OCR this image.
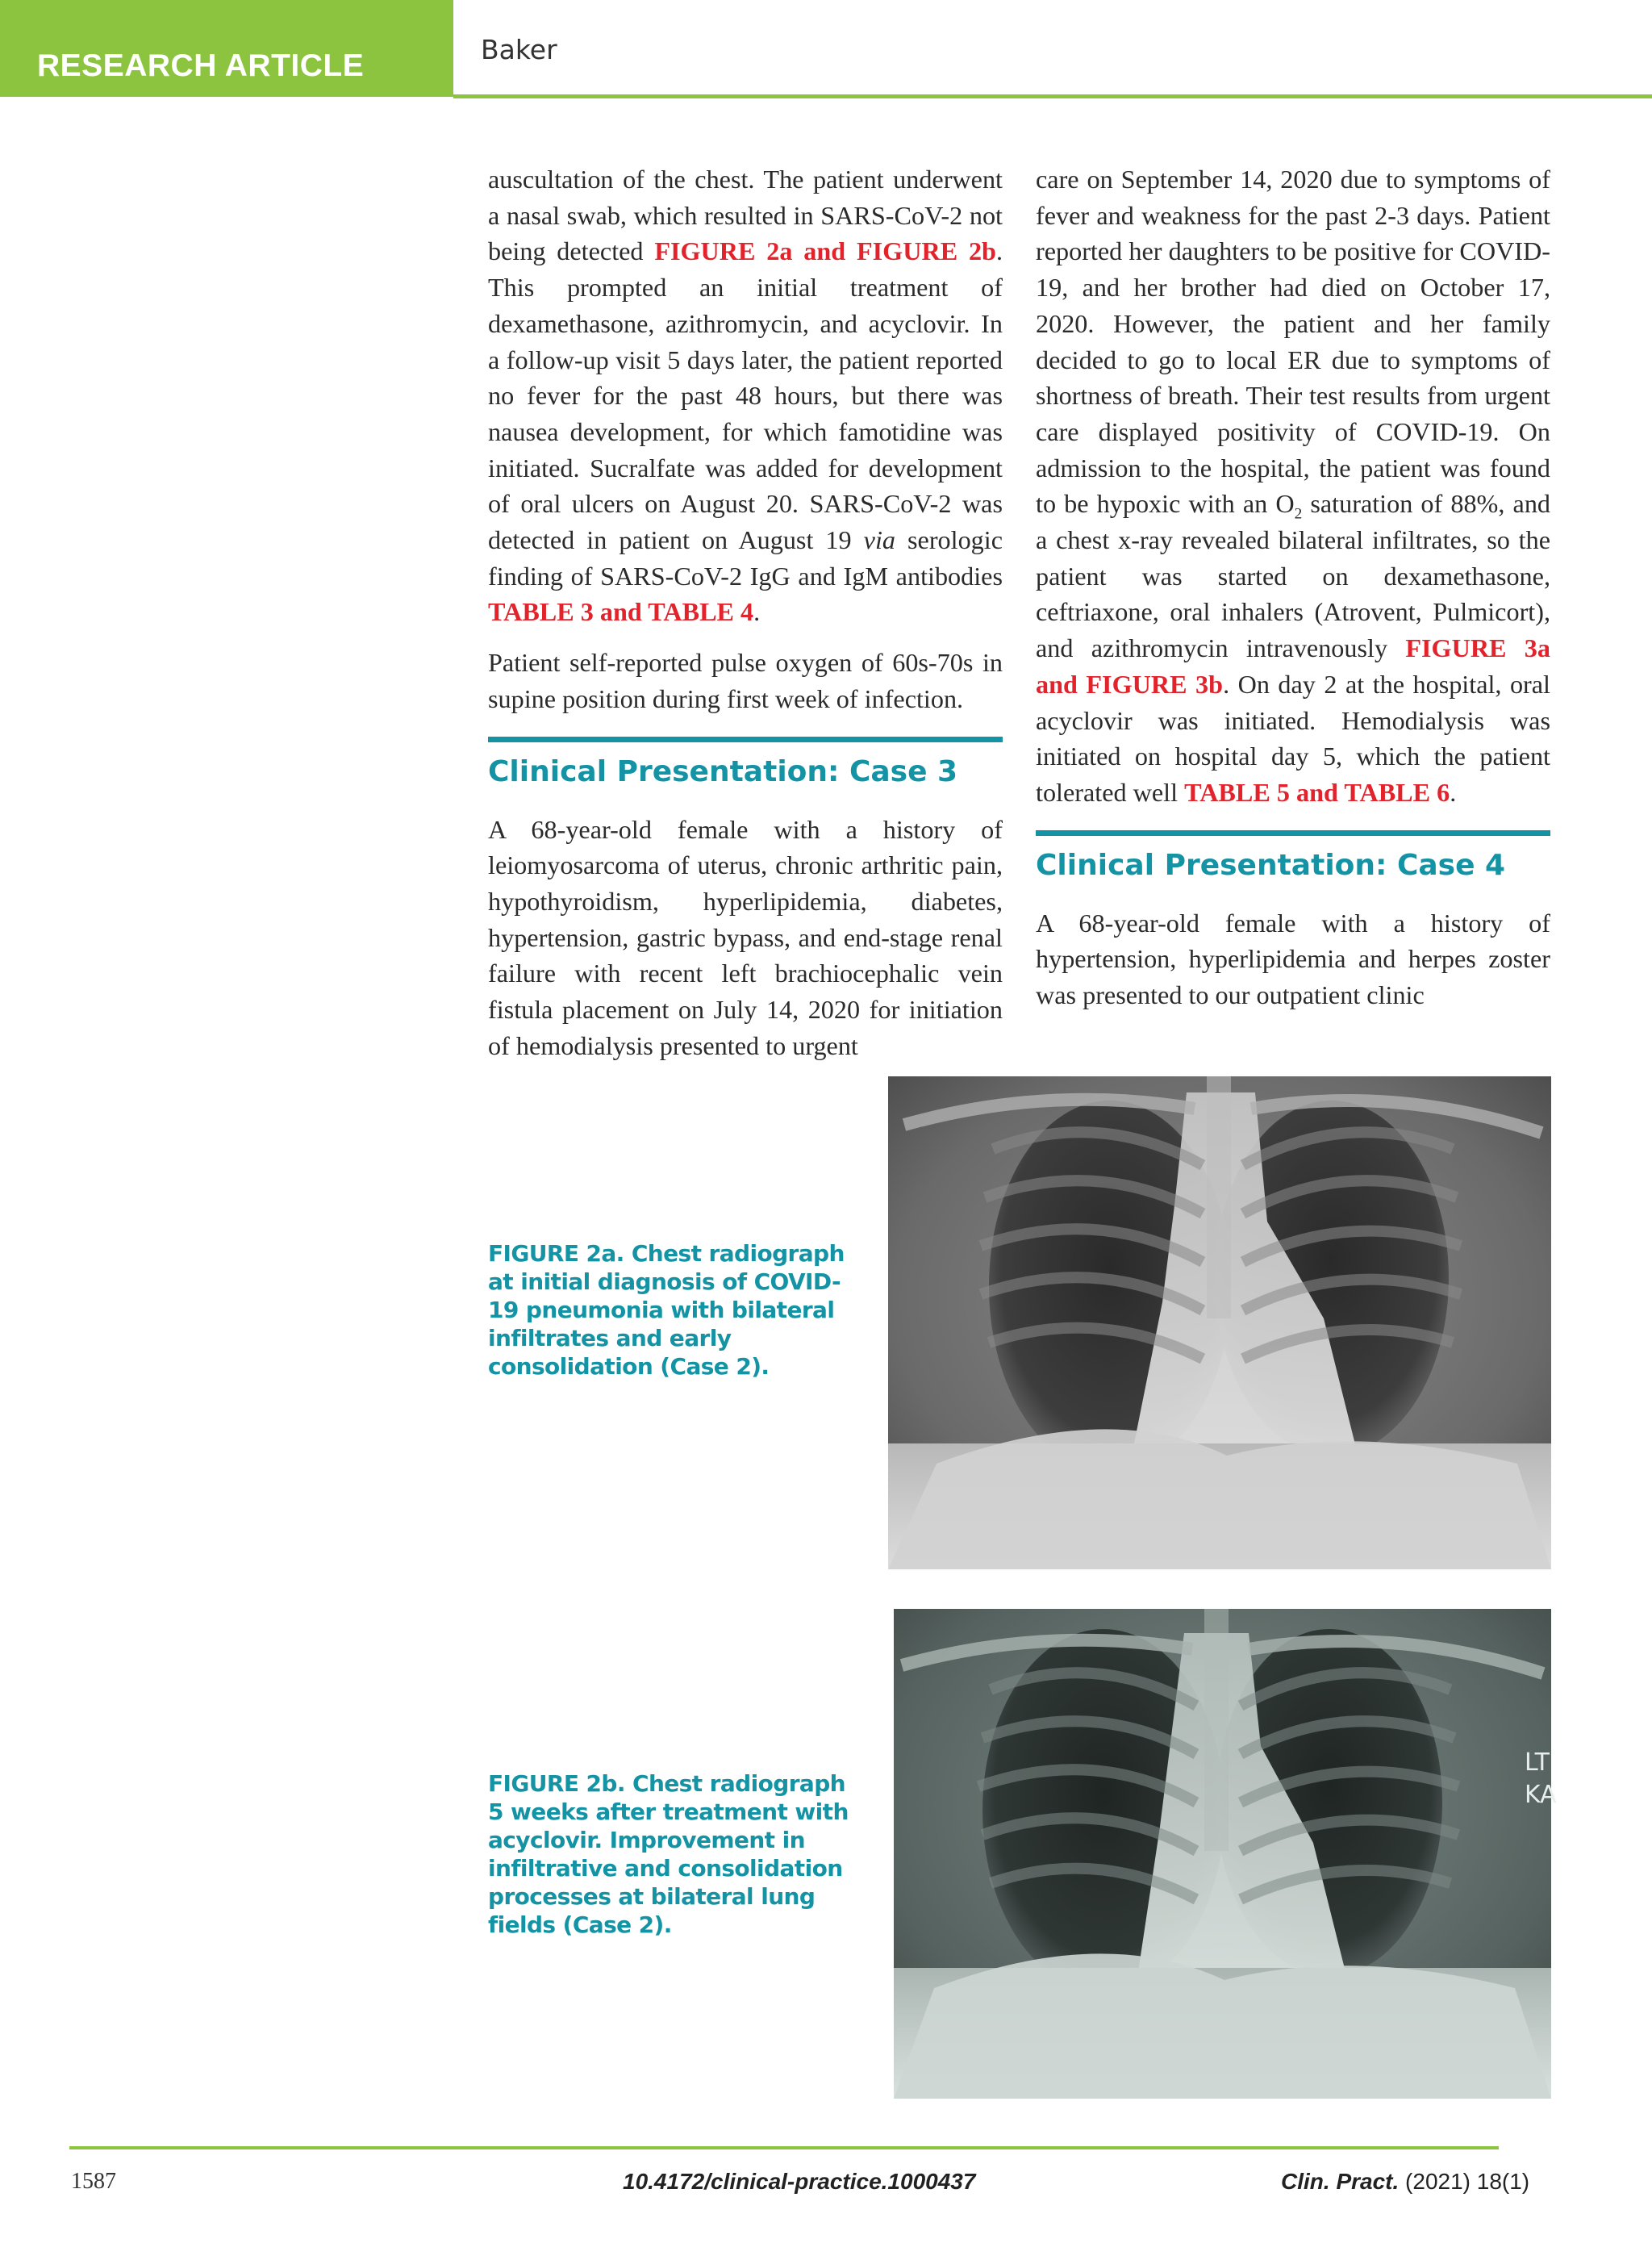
RESEARCH ARTICLE	Baker

auscultation of the chest. The patient underwent a nasal swab, which resulted in SARS-CoV-2 not being detected FIGURE 2a and FIGURE 2b. This prompted an initial treatment of dexamethasone, azithromycin, and acyclovir. In a follow-up visit 5 days later, the patient reported no fever for the past 48 hours, but there was nausea development, for which famotidine was initiated. Sucralfate was added for development of oral ulcers on August 20. SARS-CoV-2 was detected in patient on August 19 via serologic finding of SARS-CoV-2 IgG and IgM antibodies TABLE 3 and TABLE 4.

Patient self-reported pulse oxygen of 60s-70s in supine position during first week of infection.

Clinical Presentation: Case 3

A 68-year-old female with a history of leiomyosarcoma of uterus, chronic arthritic pain, hypothyroidism, hyperlipidemia, diabetes, hypertension, gastric bypass, and end-stage renal failure with recent left brachiocephalic vein fistula placement on July 14, 2020 for initiation of hemodialysis presented to urgent

care on September 14, 2020 due to symptoms of fever and weakness for the past 2-3 days. Patient reported her daughters to be positive for COVID-19, and her brother had died on October 17, 2020. However, the patient and her family decided to go to local ER due to symptoms of shortness of breath. Their test results from urgent care displayed positivity of COVID-19. On admission to the hospital, the patient was found to be hypoxic with an $O_2$ saturation of 88%, and a chest x-ray revealed bilateral infiltrates, so the patient was started on dexamethasone, ceftriaxone, oral inhalers (Atrovent, Pulmicort), and azithromycin intravenously FIGURE 3a and FIGURE 3b. On day 2 at the hospital, oral acyclovir was initiated. Hemodialysis was initiated on hospital day 5, which the patient tolerated well TABLE 5 and TABLE 6.

Clinical Presentation: Case 4

A 68-year-old female with a history of hypertension, hyperlipidemia and herpes zoster was presented to our outpatient clinic

FIGURE 2a. Chest radiograph at initial diagnosis of COVID-19 pneumonia with bilateral infiltrates and early consolidation (Case 2).

FIGURE 2b. Chest radiograph 5 weeks after treatment with acyclovir. Improvement in infiltrative and consolidation processes at bilateral lung fields (Case 2).

LT
KA
1587	10.4172/clinical-practice.1000437	Clin. Pract. (2021) 18(1)
